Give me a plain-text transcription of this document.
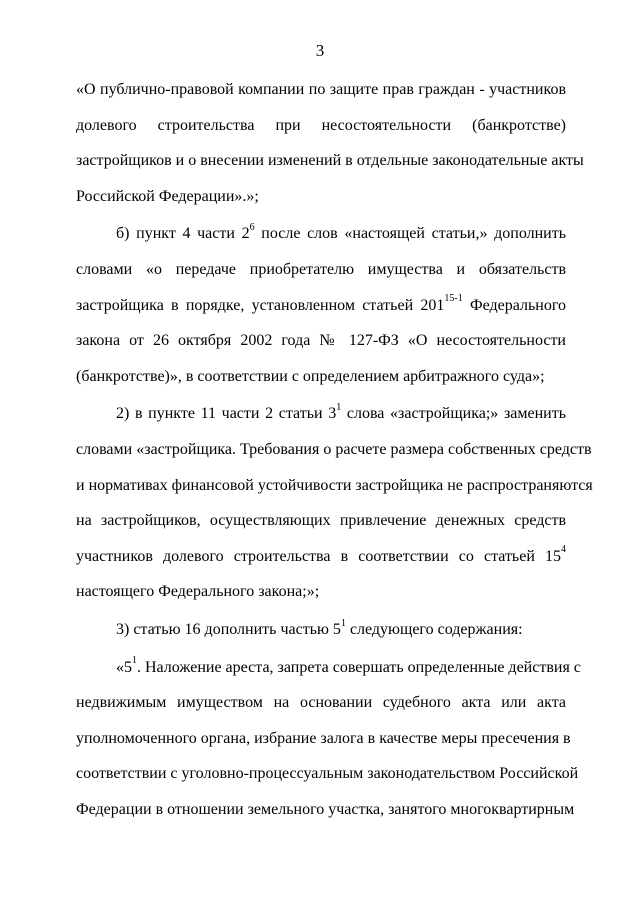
3
«О публично-правовой компании по защите прав граждан - участников
долевого строительства при несостоятельности (банкротстве)
застройщиков и о внесении изменений в отдельные законодательные акты
Российской Федерации».»;
б) пункт 4 части $2^6$ после слов «настоящей статьи,» дополнить
словами «о передаче приобретателю имущества и обязательств
застройщика в порядке, установленном статьей 201$^{15-1}$ Федерального
закона от 26 октября 2002 года № 127-ФЗ «О несостоятельности
(банкротстве)», в соответствии с определением арбитражного суда»;
2) в пункте 11 части 2 статьи $3^1$ слова «застройщика;» заменить
словами «застройщика. Требования о расчете размера собственных средств
и нормативах финансовой устойчивости застройщика не распространяются
на застройщиков, осуществляющих привлечение денежных средств
участников долевого строительства в соответствии со статьей $15^4$
настоящего Федерального закона;»;
3) статью 16 дополнить частью $5^1$ следующего содержания:
«$5^1$. Наложение ареста, запрета совершать определенные действия с
недвижимым имуществом на основании судебного акта или акта
уполномоченного органа, избрание залога в качестве меры пресечения в
соответствии с уголовно-процессуальным законодательством Российской
Федерации в отношении земельного участка, занятого многоквартирным
